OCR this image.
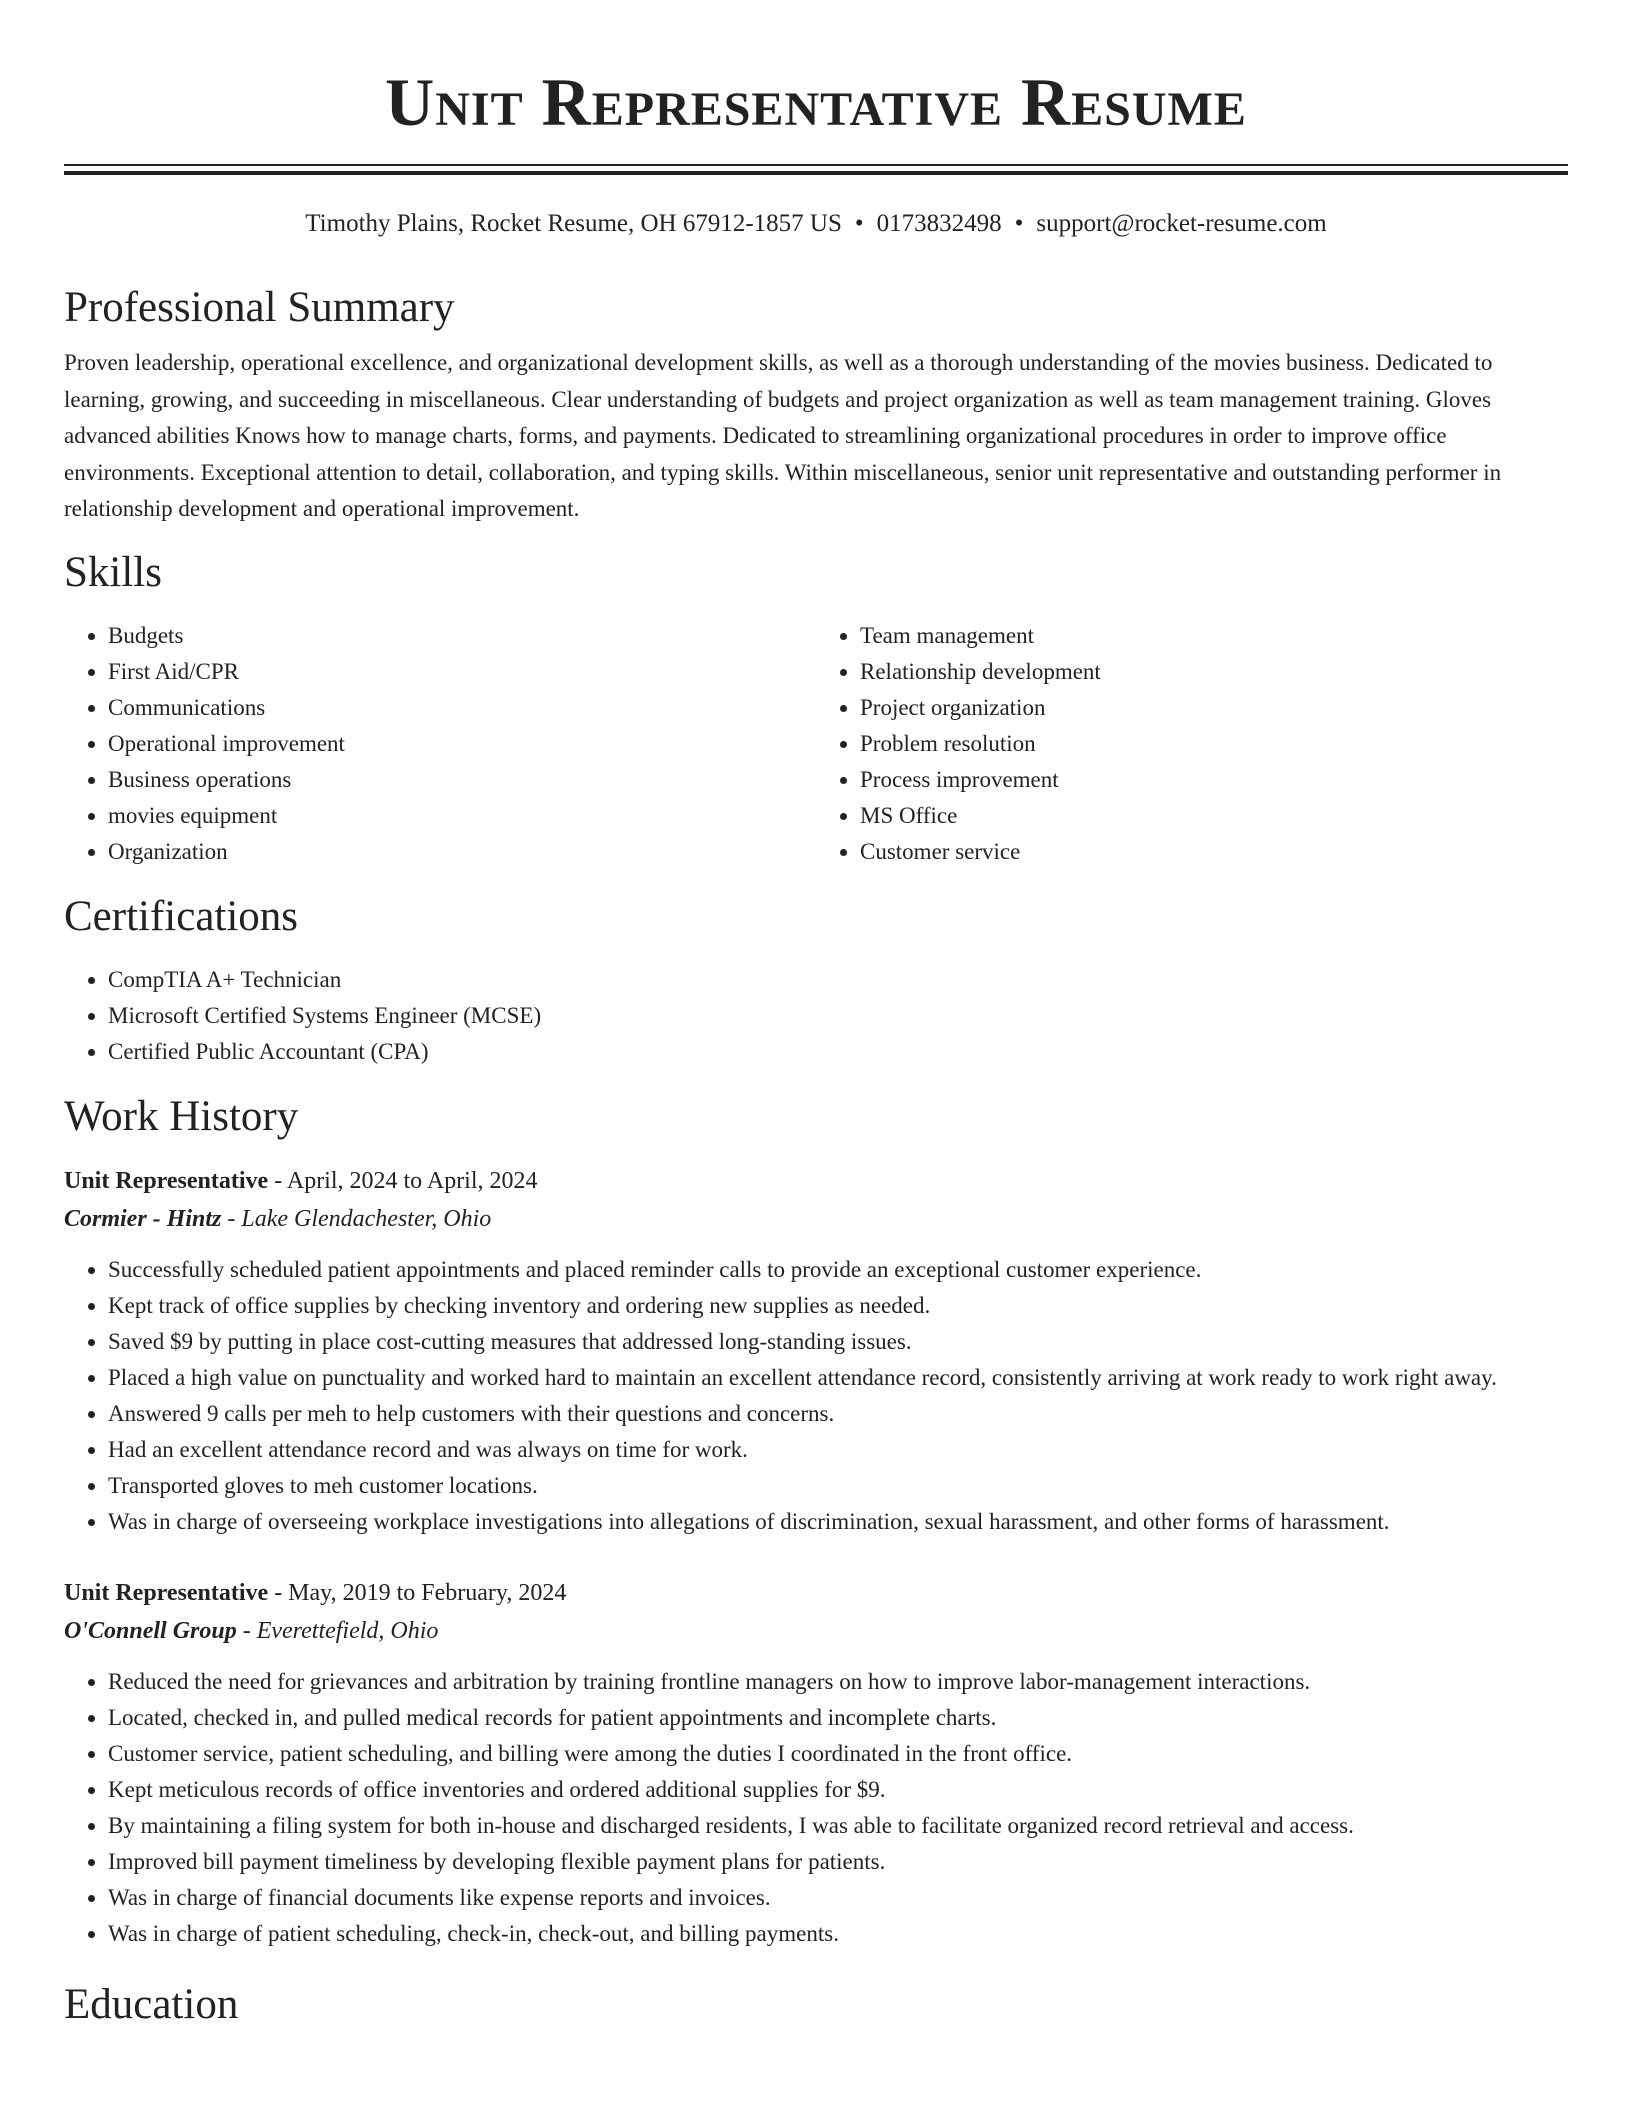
Unit Representative Resume
Timothy Plains, Rocket Resume, OH 67912-1857 US • 0173832498 • support@rocket-resume.com
Professional Summary

Proven leadership, operational excellence, and organizational development skills, as well as a thorough understanding of the movies business. Dedicated to learning, growing, and succeeding in miscellaneous. Clear understanding of budgets and project organization as well as team management training. Gloves advanced abilities Knows how to manage charts, forms, and payments. Dedicated to streamlining organizational procedures in order to improve office environments. Exceptional attention to detail, collaboration, and typing skills. Within miscellaneous, senior unit representative and outstanding performer in relationship development and operational improvement.

Skills
• Budgets
• First Aid/CPR
• Communications
• Operational improvement
• Business operations
• movies equipment
• Organization
• Team management
• Relationship development
• Project organization
• Problem resolution
• Process improvement
• MS Office
• Customer service
Certifications
• CompTIA A+ Technician
• Microsoft Certified Systems Engineer (MCSE)
• Certified Public Accountant (CPA)
Work History
Unit Representative - April, 2024 to April, 2024
Cormier - Hintz - Lake Glendachester, Ohio
• Successfully scheduled patient appointments and placed reminder calls to provide an exceptional customer experience.
• Kept track of office supplies by checking inventory and ordering new supplies as needed.
• Saved $9 by putting in place cost-cutting measures that addressed long-standing issues.
• Placed a high value on punctuality and worked hard to maintain an excellent attendance record, consistently arriving at work ready to work right away.
• Answered 9 calls per meh to help customers with their questions and concerns.
• Had an excellent attendance record and was always on time for work.
• Transported gloves to meh customer locations.
• Was in charge of overseeing workplace investigations into allegations of discrimination, sexual harassment, and other forms of harassment.
Unit Representative - May, 2019 to February, 2024
O'Connell Group - Everettefield, Ohio
• Reduced the need for grievances and arbitration by training frontline managers on how to improve labor-management interactions.
• Located, checked in, and pulled medical records for patient appointments and incomplete charts.
• Customer service, patient scheduling, and billing were among the duties I coordinated in the front office.
• Kept meticulous records of office inventories and ordered additional supplies for $9.
• By maintaining a filing system for both in-house and discharged residents, I was able to facilitate organized record retrieval and access.
• Improved bill payment timeliness by developing flexible payment plans for patients.
• Was in charge of financial documents like expense reports and invoices.
• Was in charge of patient scheduling, check-in, check-out, and billing payments.
Education
